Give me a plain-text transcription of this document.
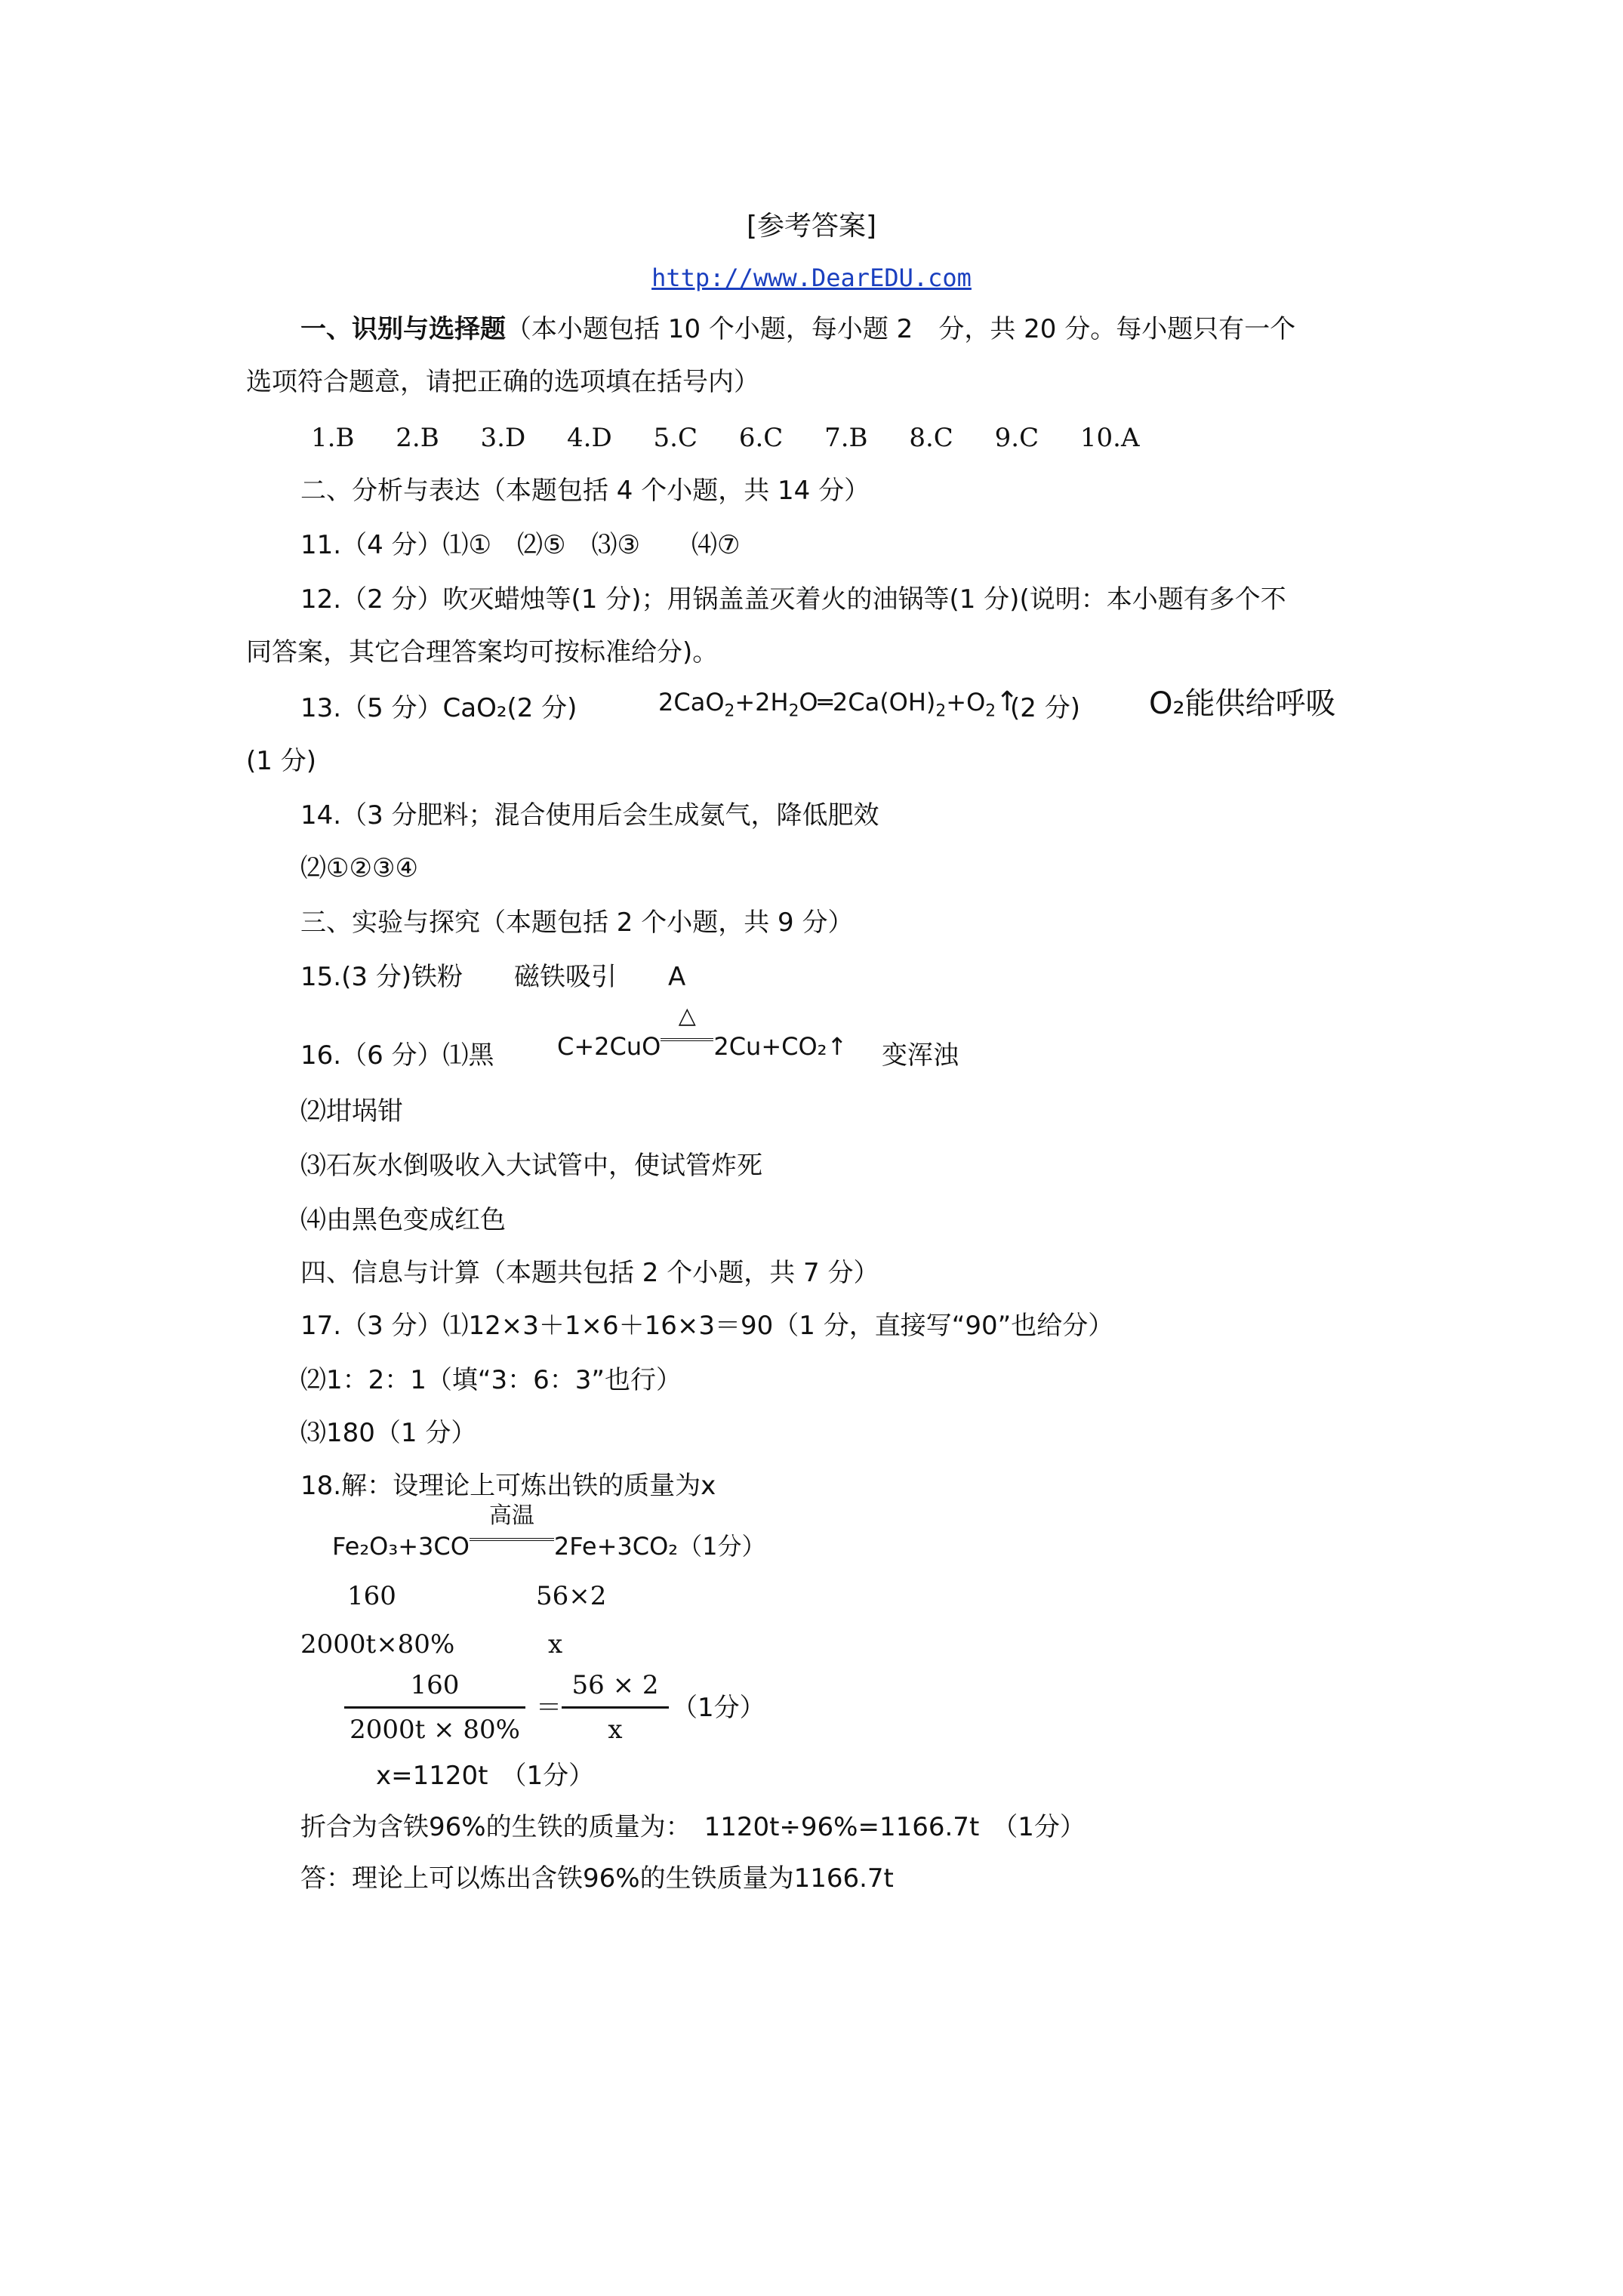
[参考答案]
http://www.DearEDU.com
一、识别与选择题（本小题包括 10 个小题，每小题 2　分，共 20 分。每小题只有一个
选项符合题意，请把正确的选项填在括号内）
1.B 2.B 3.D 4.D 5.C 6.C 7.B 8.C 9.C 10.A
二、分析与表达（本题包括 4 个小题，共 14 分）
11.（4 分）⑴①　⑵⑤　⑶③　　⑷⑦
12.（2 分）吹灭蜡烛等(1 分)；用锅盖盖灭着火的油锅等(1 分)(说明：本小题有多个不
同答案，其它合理答案均可按标准给分)。
13.（5 分）CaO₂(2 分)	$2CaO_2+2H_2O═2Ca(OH)_2+O_2↑$
(2 分) O₂能供给呼吸
(1 分)
14.（3 分肥料；混合使用后会生成氨气，降低肥效
⑵①②③④
三、实验与探究（本题包括 2 个小题，共 9 分）
15.(3 分)铁粉　　磁铁吸引　　A
16.（6 分）⑴黑	C+2CuO
△
2Cu+CO₂↑ 变浑浊
⑵坩埚钳
⑶石灰水倒吸收入大试管中，使试管炸死
⑷由黑色变成红色
四、信息与计算（本题共包括 2 个小题，共 7 分）
17.（3 分）⑴12×3＋1×6＋16×3＝90（1 分，直接写“90”也给分）
⑵1：2：1（填“3：6：3”也行）
⑶180（1 分）
18.解：设理论上可炼出铁的质量为x
Fe₂O₃+3CO
高温
2Fe+3CO₂（1分）
160	56×2
2000t×80%	x
$\frac{160}{2000t \times 80\%} = \frac{56 \times 2}{x} (1$分）
x=1120t　（1分）
折合为含铁96%的生铁的质量为：　1120t÷96%=1166.7t　（1分）
答：理论上可以炼出含铁96%的生铁质量为1166.7t
